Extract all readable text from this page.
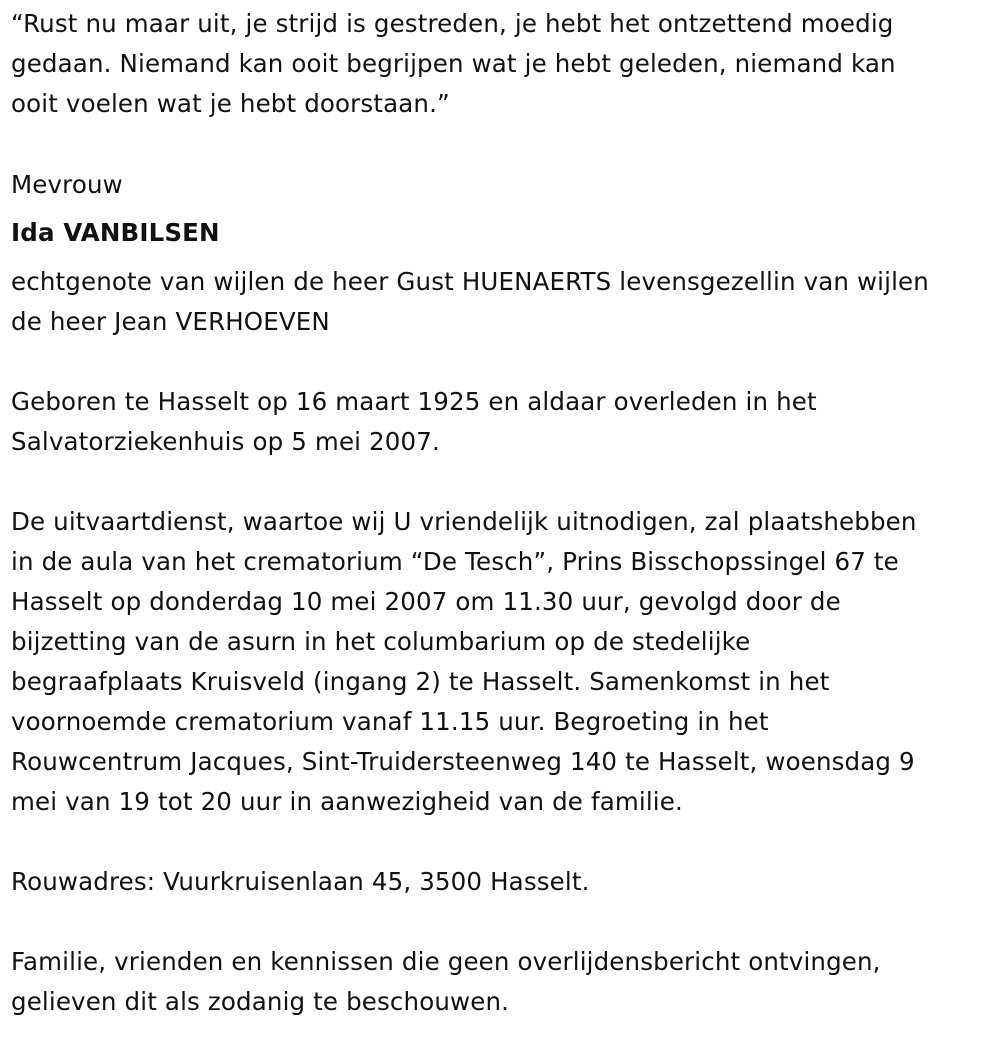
“Rust nu maar uit, je strijd is gestreden, je hebt het ontzettend moedig
gedaan. Niemand kan ooit begrijpen wat je hebt geleden, niemand kan
ooit voelen wat je hebt doorstaan.”
Mevrouw
Ida VANBILSEN
echtgenote van wijlen de heer Gust HUENAERTS levensgezellin van wijlen
de heer Jean VERHOEVEN
Geboren te Hasselt op 16 maart 1925 en aldaar overleden in het
Salvatorziekenhuis op 5 mei 2007.
De uitvaartdienst, waartoe wij U vriendelijk uitnodigen, zal plaatshebben
in de aula van het crematorium “De Tesch”, Prins Bisschopssingel 67 te
Hasselt op donderdag 10 mei 2007 om 11.30 uur, gevolgd door de
bijzetting van de asurn in het columbarium op de stedelijke
begraafplaats Kruisveld (ingang 2) te Hasselt. Samenkomst in het
voornoemde crematorium vanaf 11.15 uur. Begroeting in het
Rouwcentrum Jacques, Sint-Truidersteenweg 140 te Hasselt, woensdag 9
mei van 19 tot 20 uur in aanwezigheid van de familie.
Rouwadres: Vuurkruisenlaan 45, 3500 Hasselt.
Familie, vrienden en kennissen die geen overlijdensbericht ontvingen,
gelieven dit als zodanig te beschouwen.
